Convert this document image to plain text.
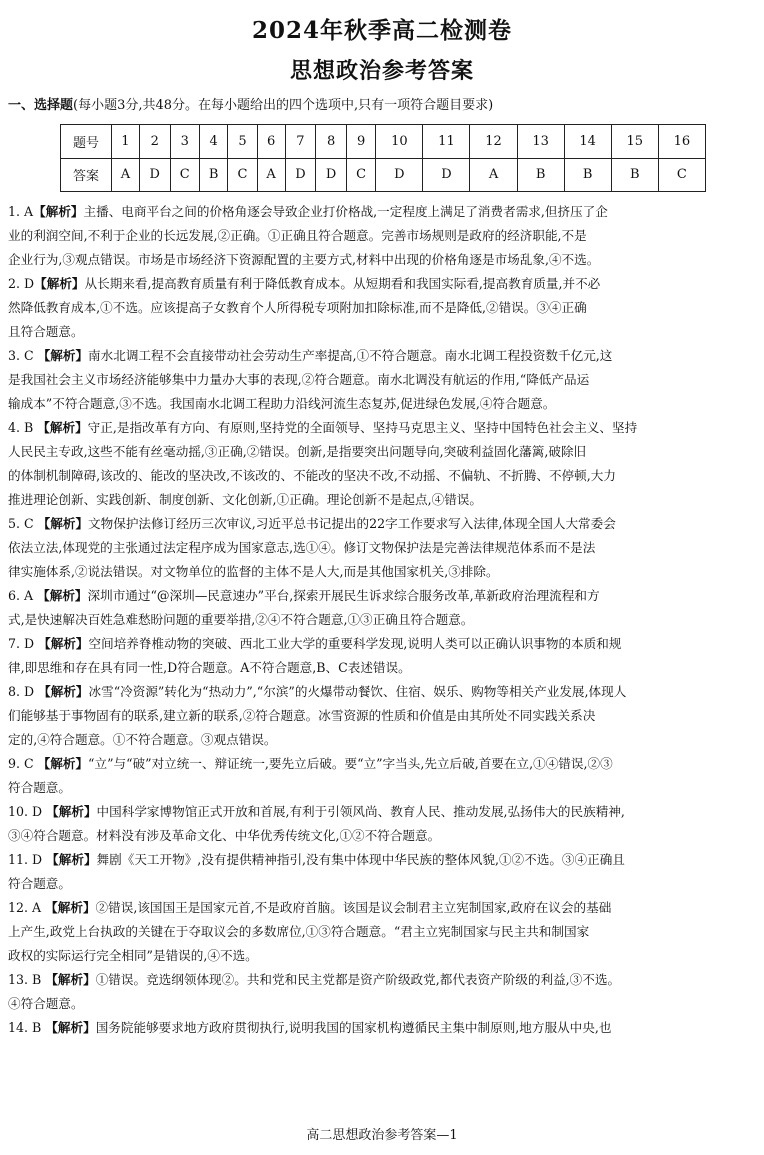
2024年秋季高二检测卷
思想政治参考答案
一、选择题(每小题3分,共48分。在每小题给出的四个选项中,只有一项符合题目要求)
题号	1	2	3	4	5	6	7	8	9	10	11	12	13	14	15	16
答案	A	D	C	B	C	A	D	D	C	D	D	A	B	B	B	C
1. A【解析】主播、电商平台之间的价格角逐会导致企业打价格战,一定程度上满足了消费者需求,但挤压了企
业的利润空间,不利于企业的长远发展,②正确。①正确且符合题意。完善市场规则是政府的经济职能,不是
企业行为,③观点错误。市场是市场经济下资源配置的主要方式,材料中出现的价格角逐是市场乱象,④不选。
2. D【解析】从长期来看,提高教育质量有利于降低教育成本。从短期看和我国实际看,提高教育质量,并不必
然降低教育成本,①不选。应该提高子女教育个人所得税专项附加扣除标准,而不是降低,②错误。③④正确
且符合题意。
3. C 【解析】南水北调工程不会直接带动社会劳动生产率提高,①不符合题意。南水北调工程投资数千亿元,这
是我国社会主义市场经济能够集中力量办大事的表现,②符合题意。南水北调没有航运的作用,“降低产品运
输成本”不符合题意,③不选。我国南水北调工程助力沿线河流生态复苏,促进绿色发展,④符合题意。
4. B 【解析】守正,是指改革有方向、有原则,坚持党的全面领导、坚持马克思主义、坚持中国特色社会主义、坚持
人民民主专政,这些不能有丝毫动摇,③正确,②错误。创新,是指要突出问题导向,突破利益固化藩篱,破除旧
的体制机制障碍,该改的、能改的坚决改,不该改的、不能改的坚决不改,不动摇、不偏轨、不折腾、不停顿,大力
推进理论创新、实践创新、制度创新、文化创新,①正确。理论创新不是起点,④错误。
5. C 【解析】文物保护法修订经历三次审议,习近平总书记提出的22字工作要求写入法律,体现全国人大常委会
依法立法,体现党的主张通过法定程序成为国家意志,选①④。修订文物保护法是完善法律规范体系而不是法
律实施体系,②说法错误。对文物单位的监督的主体不是人大,而是其他国家机关,③排除。
6. A 【解析】深圳市通过“@深圳—民意速办”平台,探索开展民生诉求综合服务改革,革新政府治理流程和方
式,是快速解决百姓急难愁盼问题的重要举措,②④不符合题意,①③正确且符合题意。
7. D 【解析】空间培养脊椎动物的突破、西北工业大学的重要科学发现,说明人类可以正确认识事物的本质和规
律,即思维和存在具有同一性,D符合题意。A不符合题意,B、C表述错误。
8. D 【解析】冰雪“冷资源”转化为“热动力”,“尔滨”的火爆带动餐饮、住宿、娱乐、购物等相关产业发展,体现人
们能够基于事物固有的联系,建立新的联系,②符合题意。冰雪资源的性质和价值是由其所处不同实践关系决
定的,④符合题意。①不符合题意。③观点错误。
9. C 【解析】“立”与“破”对立统一、辩证统一,要先立后破。要“立”字当头,先立后破,首要在立,①④错误,②③
符合题意。
10. D 【解析】中国科学家博物馆正式开放和首展,有利于引领风尚、教育人民、推动发展,弘扬伟大的民族精神,
③④符合题意。材料没有涉及革命文化、中华优秀传统文化,①②不符合题意。
11. D 【解析】舞剧《天工开物》,没有提供精神指引,没有集中体现中华民族的整体风貌,①②不选。③④正确且
符合题意。
12. A 【解析】②错误,该国国王是国家元首,不是政府首脑。该国是议会制君主立宪制国家,政府在议会的基础
上产生,政党上台执政的关键在于夺取议会的多数席位,①③符合题意。“君主立宪制国家与民主共和制国家
政权的实际运行完全相同”是错误的,④不选。
13. B 【解析】①错误。竞选纲领体现②。共和党和民主党都是资产阶级政党,都代表资产阶级的利益,③不选。
④符合题意。
14. B 【解析】国务院能够要求地方政府贯彻执行,说明我国的国家机构遵循民主集中制原则,地方服从中央,也
高二思想政治参考答案—1
